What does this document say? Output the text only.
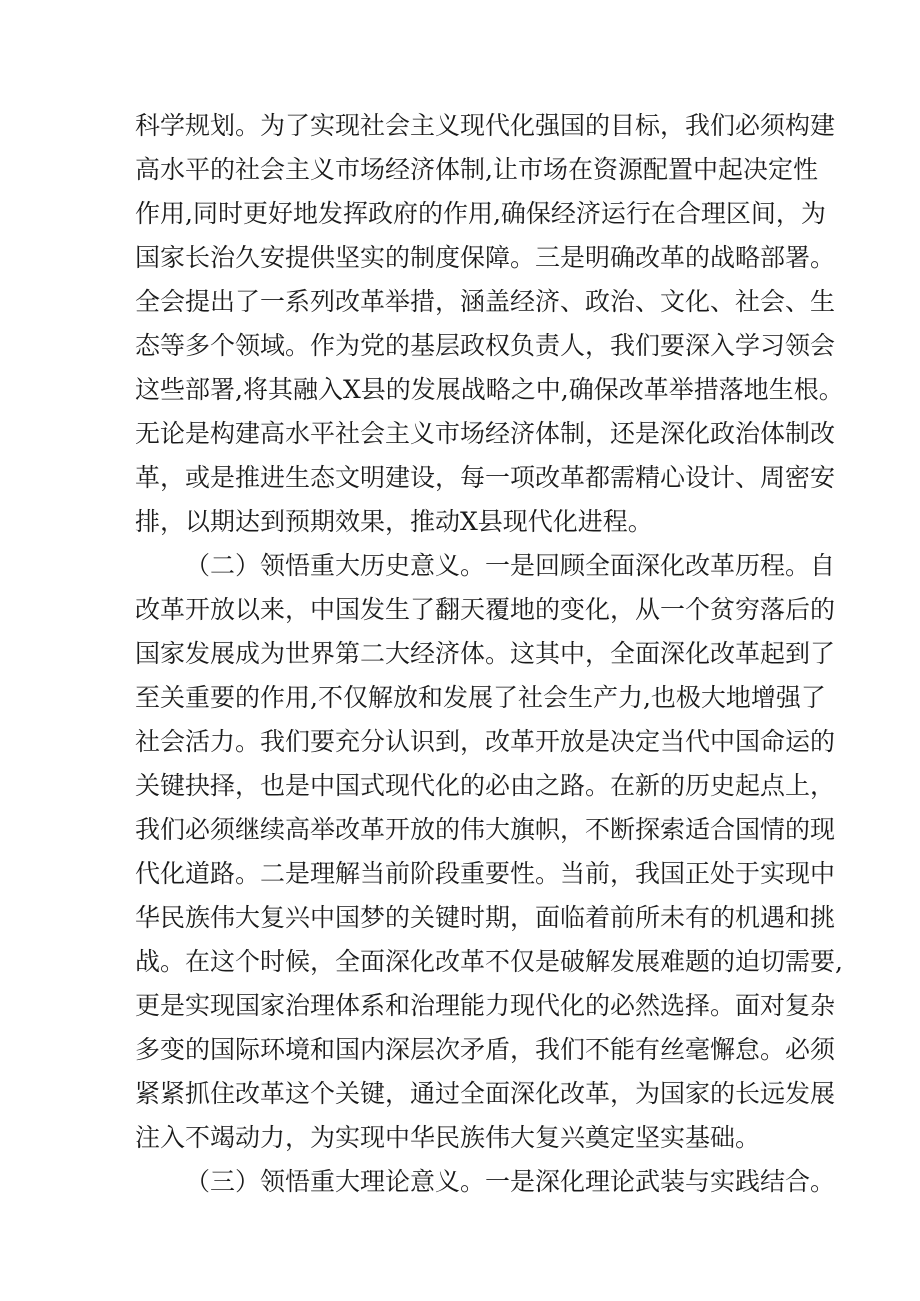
科学规划。为了实现社会主义现代化强国的目标，我们必须构建
高水平的社会主义市场经济体制,让市场在资源配置中起决定性
作用,同时更好地发挥政府的作用,确保经济运行在合理区间，为
国家长治久安提供坚实的制度保障。三是明确改革的战略部署。
全会提出了一系列改革举措，涵盖经济、政治、文化、社会、生
态等多个领域。作为党的基层政权负责人，我们要深入学习领会
这些部署,将其融入X县的发展战略之中,确保改革举措落地生根。
无论是构建高水平社会主义市场经济体制，还是深化政治体制改
革，或是推进生态文明建设，每一项改革都需精心设计、周密安
排，以期达到预期效果，推动X县现代化进程。
（二）领悟重大历史意义。一是回顾全面深化改革历程。自
改革开放以来，中国发生了翻天覆地的变化，从一个贫穷落后的
国家发展成为世界第二大经济体。这其中，全面深化改革起到了
至关重要的作用,不仅解放和发展了社会生产力,也极大地增强了
社会活力。我们要充分认识到，改革开放是决定当代中国命运的
关键抉择，也是中国式现代化的必由之路。在新的历史起点上，
我们必须继续高举改革开放的伟大旗帜，不断探索适合国情的现
代化道路。二是理解当前阶段重要性。当前，我国正处于实现中
华民族伟大复兴中国梦的关键时期，面临着前所未有的机遇和挑
战。在这个时候，全面深化改革不仅是破解发展难题的迫切需要,
更是实现国家治理体系和治理能力现代化的必然选择。面对复杂
多变的国际环境和国内深层次矛盾，我们不能有丝毫懈怠。必须
紧紧抓住改革这个关键，通过全面深化改革，为国家的长远发展
注入不竭动力，为实现中华民族伟大复兴奠定坚实基础。
（三）领悟重大理论意义。一是深化理论武装与实践结合。
